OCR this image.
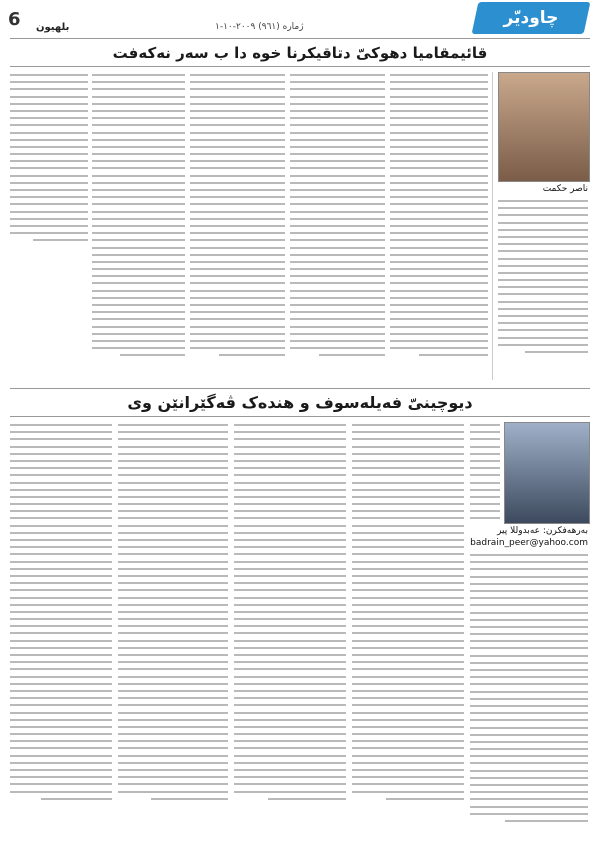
6 بلهيون	ژماره (٩٦١) ٢٠٠٩-١٠-١	چاوديّر
قائیمقامیا دهوکیّ دتاقیکرنا خوه دا ب سه‌ر نه‌که‌فت
ناصر حکمت
دیوچینیّ فه‌یله‌سوف و هنده‌ک ڤه‌گێرانێن وی
به‌رهه‌فکرن: عه‌بدوللا پیر
badrain_peer@yahoo.com
